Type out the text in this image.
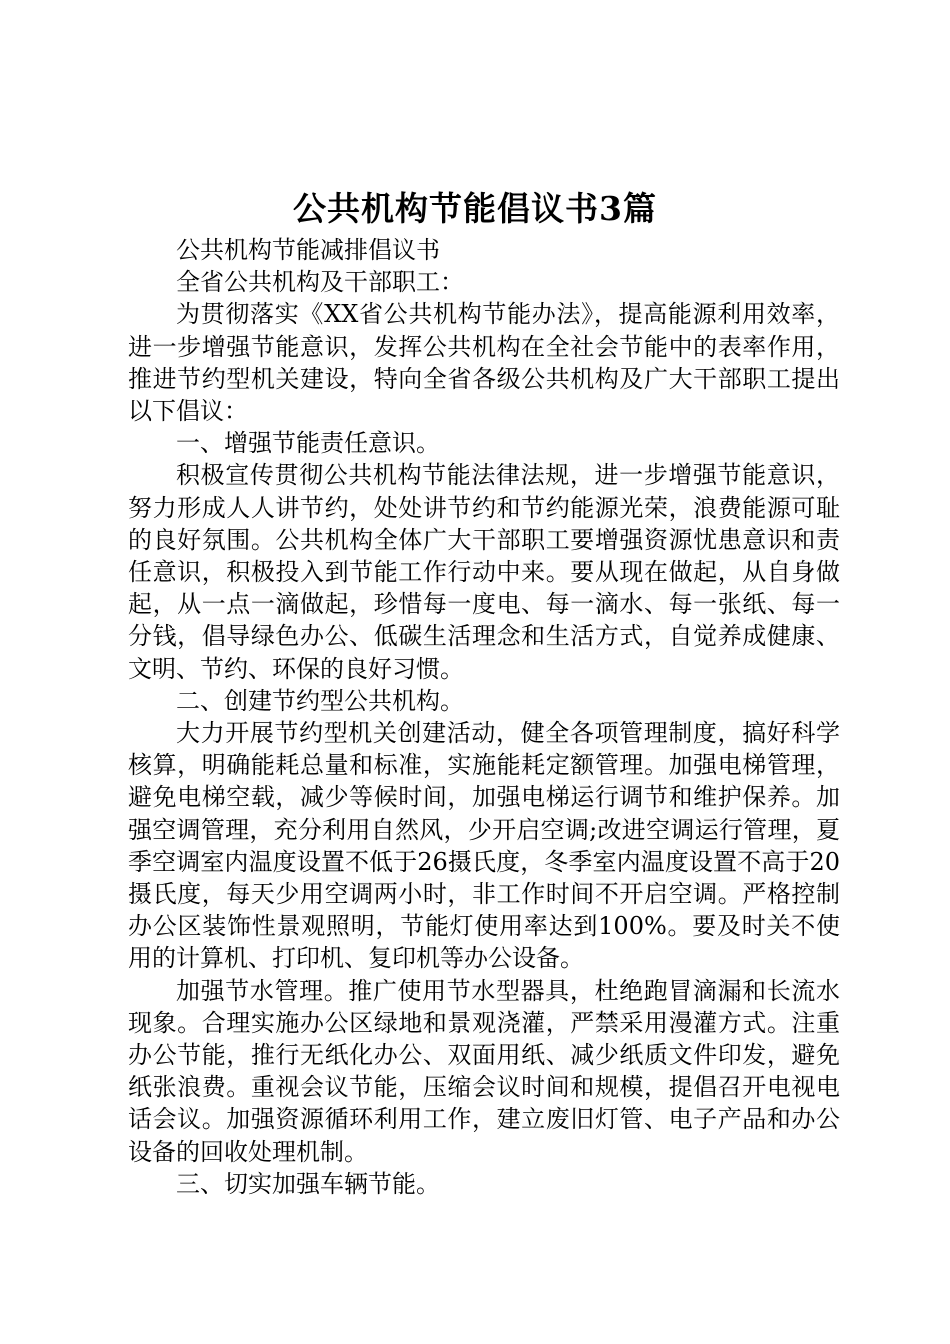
公共机构节能倡议书3篇

公共机构节能减排倡议书

全省公共机构及干部职工：

为贯彻落实《XX省公共机构节能办法》，提高能源利用效率，进一步增强节能意识，发挥公共机构在全社会节能中的表率作用，推进节约型机关建设，特向全省各级公共机构及广大干部职工提出以下倡议：

一、增强节能责任意识。

积极宣传贯彻公共机构节能法律法规，进一步增强节能意识，努力形成人人讲节约，处处讲节约和节约能源光荣，浪费能源可耻的良好氛围。公共机构全体广大干部职工要增强资源忧患意识和责任意识，积极投入到节能工作行动中来。要从现在做起，从自身做起，从一点一滴做起，珍惜每一度电、每一滴水、每一张纸、每一分钱，倡导绿色办公、低碳生活理念和生活方式，自觉养成健康、文明、节约、环保的良好习惯。

二、创建节约型公共机构。

大力开展节约型机关创建活动，健全各项管理制度，搞好科学核算，明确能耗总量和标准，实施能耗定额管理。加强电梯管理，避免电梯空载，减少等候时间，加强电梯运行调节和维护保养。加强空调管理，充分利用自然风，少开启空调;改进空调运行管理，夏季空调室内温度设置不低于26摄氏度，冬季室内温度设置不高于20摄氏度，每天少用空调两小时，非工作时间不开启空调。严格控制办公区装饰性景观照明，节能灯使用率达到100%。要及时关不使用的计算机、打印机、复印机等办公设备。

加强节水管理。推广使用节水型器具，杜绝跑冒滴漏和长流水现象。合理实施办公区绿地和景观浇灌，严禁采用漫灌方式。注重办公节能，推行无纸化办公、双面用纸、减少纸质文件印发，避免纸张浪费。重视会议节能，压缩会议时间和规模，提倡召开电视电话会议。加强资源循环利用工作，建立废旧灯管、电子产品和办公设备的回收处理机制。

三、切实加强车辆节能。
